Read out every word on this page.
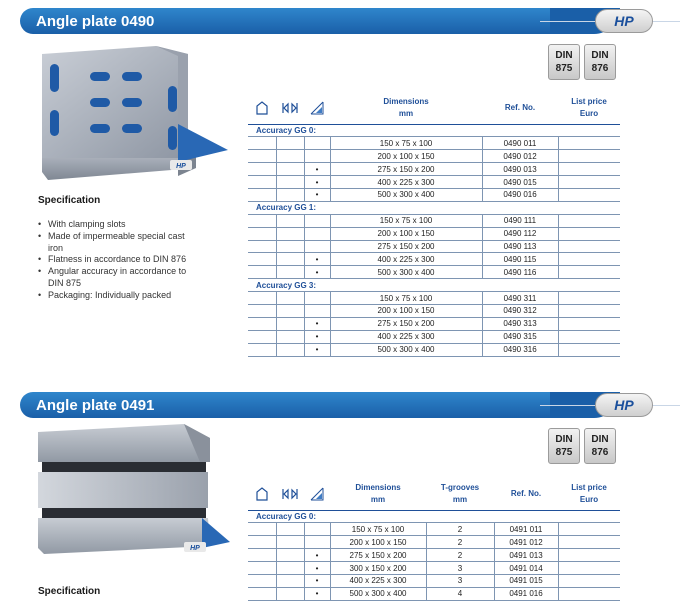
Angle plate 0490	HP
DIN
875
DIN
876
HP
Specification
• With clamping slots
• Made of impermeable special cast iron
• Flatness in accordance to DIN 876
• Angular accuracy in accordance to DIN 875
• Packaging: Individually packed

	Dimensions
mm	Ref. No.	List price
Euro
Accuracy GG 0:					
			150 x 75 x 100	0490 011	
			200 x 100 x 150	0490 012	
		•	275 x 150 x 200	0490 013	
		•	400 x 225 x 300	0490 015	
		•	500 x 300 x 400	0490 016	
Accuracy GG 1:					
			150 x 75 x 100	0490 111	
			200 x 100 x 150	0490 112	
			275 x 150 x 200	0490 113	
		•	400 x 225 x 300	0490 115	
		•	500 x 300 x 400	0490 116	
Accuracy GG 3:					
			150 x 75 x 100	0490 311	
			200 x 100 x 150	0490 312	
		•	275 x 150 x 200	0490 313	
		•	400 x 225 x 300	0490 315	
		•	500 x 300 x 400	0490 316	
Angle plate 0491	HP
DIN
875
DIN
876
HP
Specification

	Dimensions
mm	T-grooves
mm	Ref. No.	List price
Euro
Accuracy GG 0:						
			150 x 75 x 100	2	0491 011	
			200 x 100 x 150	2	0491 012	
		•	275 x 150 x 200	2	0491 013	
		•	300 x 150 x 200	3	0491 014	
		•	400 x 225 x 300	3	0491 015	
		•	500 x 300 x 400	4	0491 016	
